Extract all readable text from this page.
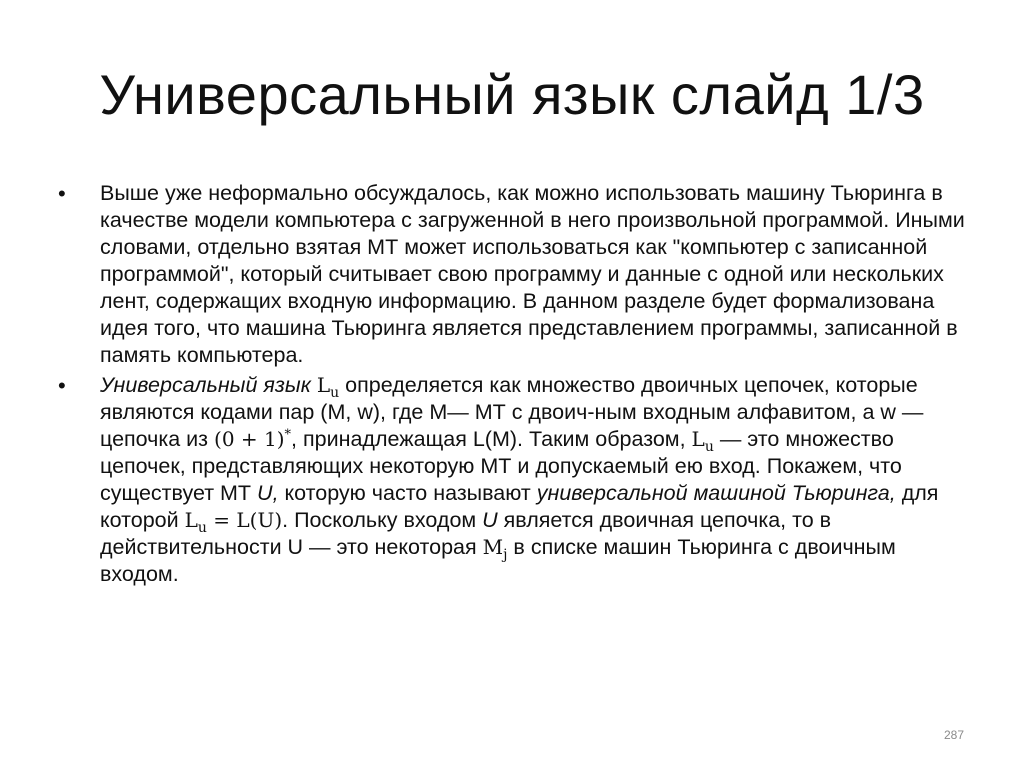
Универсальный язык слайд 1/3
•	Выше уже неформально обсуждалось, как можно использовать машину Тьюринга в качестве модели компьютера с загруженной в него произвольной программой. Иными словами, отдельно взятая МТ может использоваться как "компьютер с записанной программой", который считывает свою программу и данные с одной или нескольких лент, содержащих входную информацию. В данном разделе будет формализована идея того, что машина Тьюринга является представлением программы, записанной в память компьютера.
•	Универсальный язык $L_u$ определяется как множество двоичных цепочек, которые являются кодами пар (М, w), где М— МТ с двоич-ным входным алфавитом, а w — цепочка из (0 + 1)*, принадлежащая L(M). Таким образом, $L_u$ — это множество цепочек, представляющих некоторую МТ и допускаемый ею вход. Покажем, что существует МТ U, которую часто называют универсальной машиной Тьюринга, для которой $L_u = L(U)$. Поскольку входом U является двоичная цепочка, то в действительности U — это некоторая $M_j$ в списке машин Тьюринга с двоичным входом.
287
